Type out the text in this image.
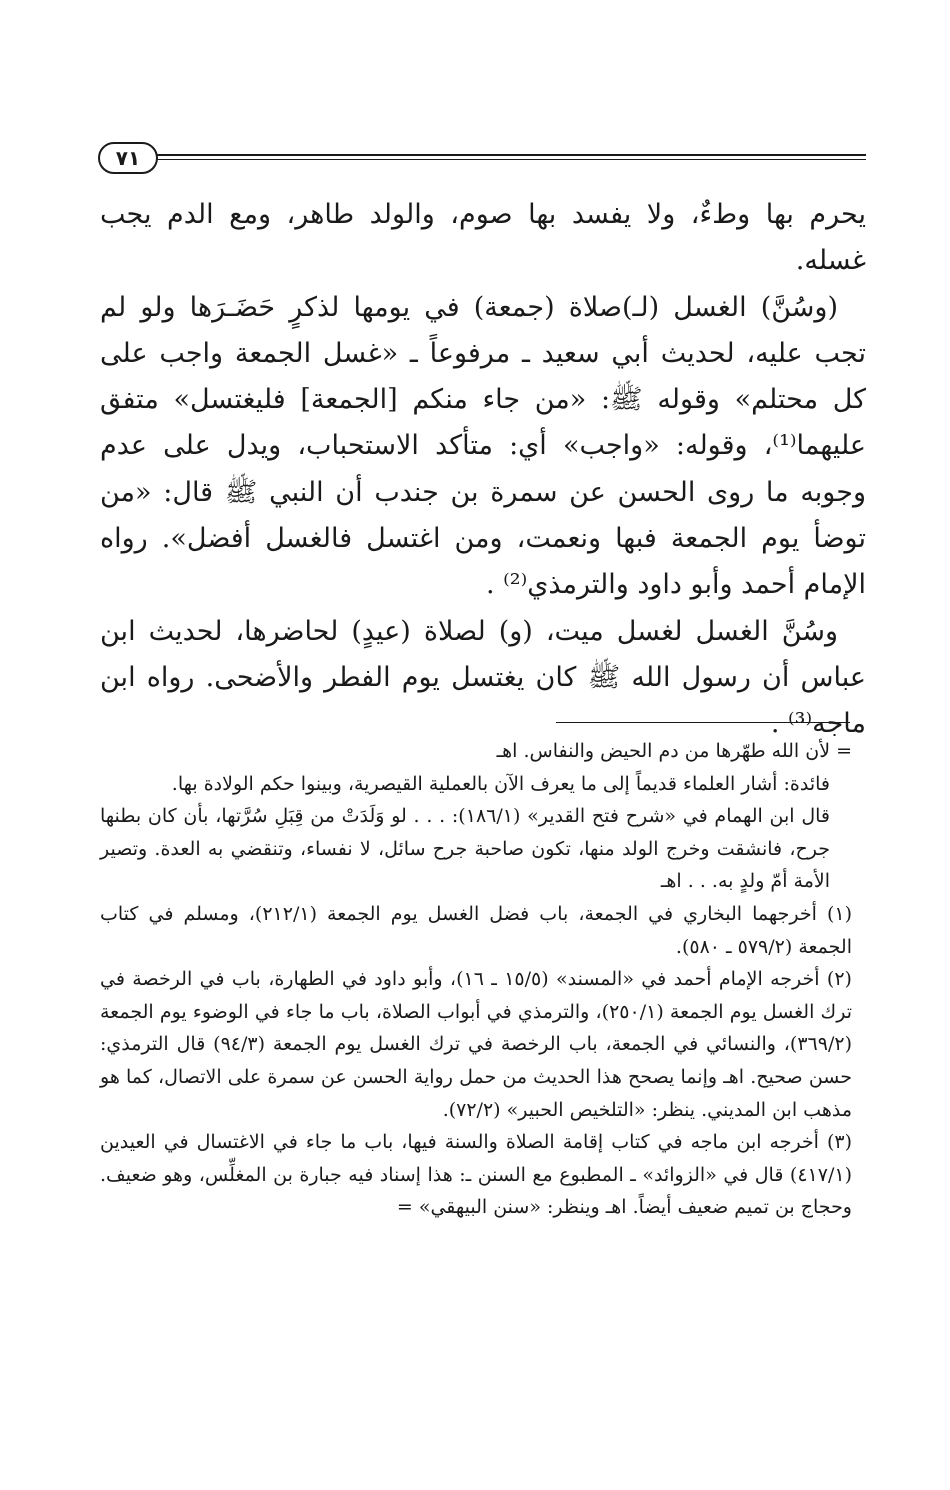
٧١

يحرم بها وطءٌ، ولا يفسد بها صوم، والولد طاهر، ومع الدم يجب غسله.

(وسُنَّ) الغسل (لـ)صلاة (جمعة) في يومها لذكرٍ حَضَـرَها ولو لم تجب عليه، لحديث أبي سعيد ـ مرفوعاً ـ «غسل الجمعة واجب على كل محتلم» وقوله ﷺ: «من جاء منكم [الجمعة] فليغتسل» متفق عليهما⁽¹⁾، وقوله: «واجب» أي: متأكد الاستحباب، ويدل على عدم وجوبه ما روى الحسن عن سمرة بن جندب أن النبي ﷺ قال: «من توضأ يوم الجمعة فبها ونعمت، ومن اغتسل فالغسل أفضل». رواه الإمام أحمد وأبو داود والترمذي⁽²⁾ .

وسُنَّ الغسل لغسل ميت، (و) لصلاة (عيدٍ) لحاضرها، لحديث ابن عباس أن رسول الله ﷺ كان يغتسل يوم الفطر والأضحى. رواه ابن ماجه⁽³⁾ .

= لأن الله طهّرها من دم الحيض والنفاس. اهـ

فائدة: أشار العلماء قديماً إلى ما يعرف الآن بالعملية القيصرية، وبينوا حكم الولادة بها.

قال ابن الهمام في «شرح فتح القدير» (١٨٦/١): . . . لو وَلَدَتْ من قِبَلِ سُرَّتها، بأن كان بطنها جرح، فانشقت وخرج الولد منها، تكون صاحبة جرح سائل، لا نفساء، وتنقضي به العدة. وتصير الأمة أمّ ولدٍ به. . . اهـ

(١) أخرجهما البخاري في الجمعة، باب فضل الغسل يوم الجمعة (٢١٢/١)، ومسلم في كتاب الجمعة (٥٧٩/٢ ـ ٥٨٠).

(٢) أخرجه الإمام أحمد في «المسند» (١٥/٥ ـ ١٦)، وأبو داود في الطهارة، باب في الرخصة في ترك الغسل يوم الجمعة (٢٥٠/١)، والترمذي في أبواب الصلاة، باب ما جاء في الوضوء يوم الجمعة (٣٦٩/٢)، والنسائي في الجمعة، باب الرخصة في ترك الغسل يوم الجمعة (٩٤/٣) قال الترمذي: حسن صحيح. اهـ وإنما يصحح هذا الحديث من حمل رواية الحسن عن سمرة على الاتصال، كما هو مذهب ابن المديني. ينظر: «التلخيص الحبير» (٧٢/٢).

(٣) أخرجه ابن ماجه في كتاب إقامة الصلاة والسنة فيها، باب ما جاء في الاغتسال في العيدين (٤١٧/١) قال في «الزوائد» ـ المطبوع مع السنن ـ: هذا إسناد فيه جبارة بن المغلِّس، وهو ضعيف. وحجاج بن تميم ضعيف أيضاً. اهـ وينظر: «سنن البيهقي» =
